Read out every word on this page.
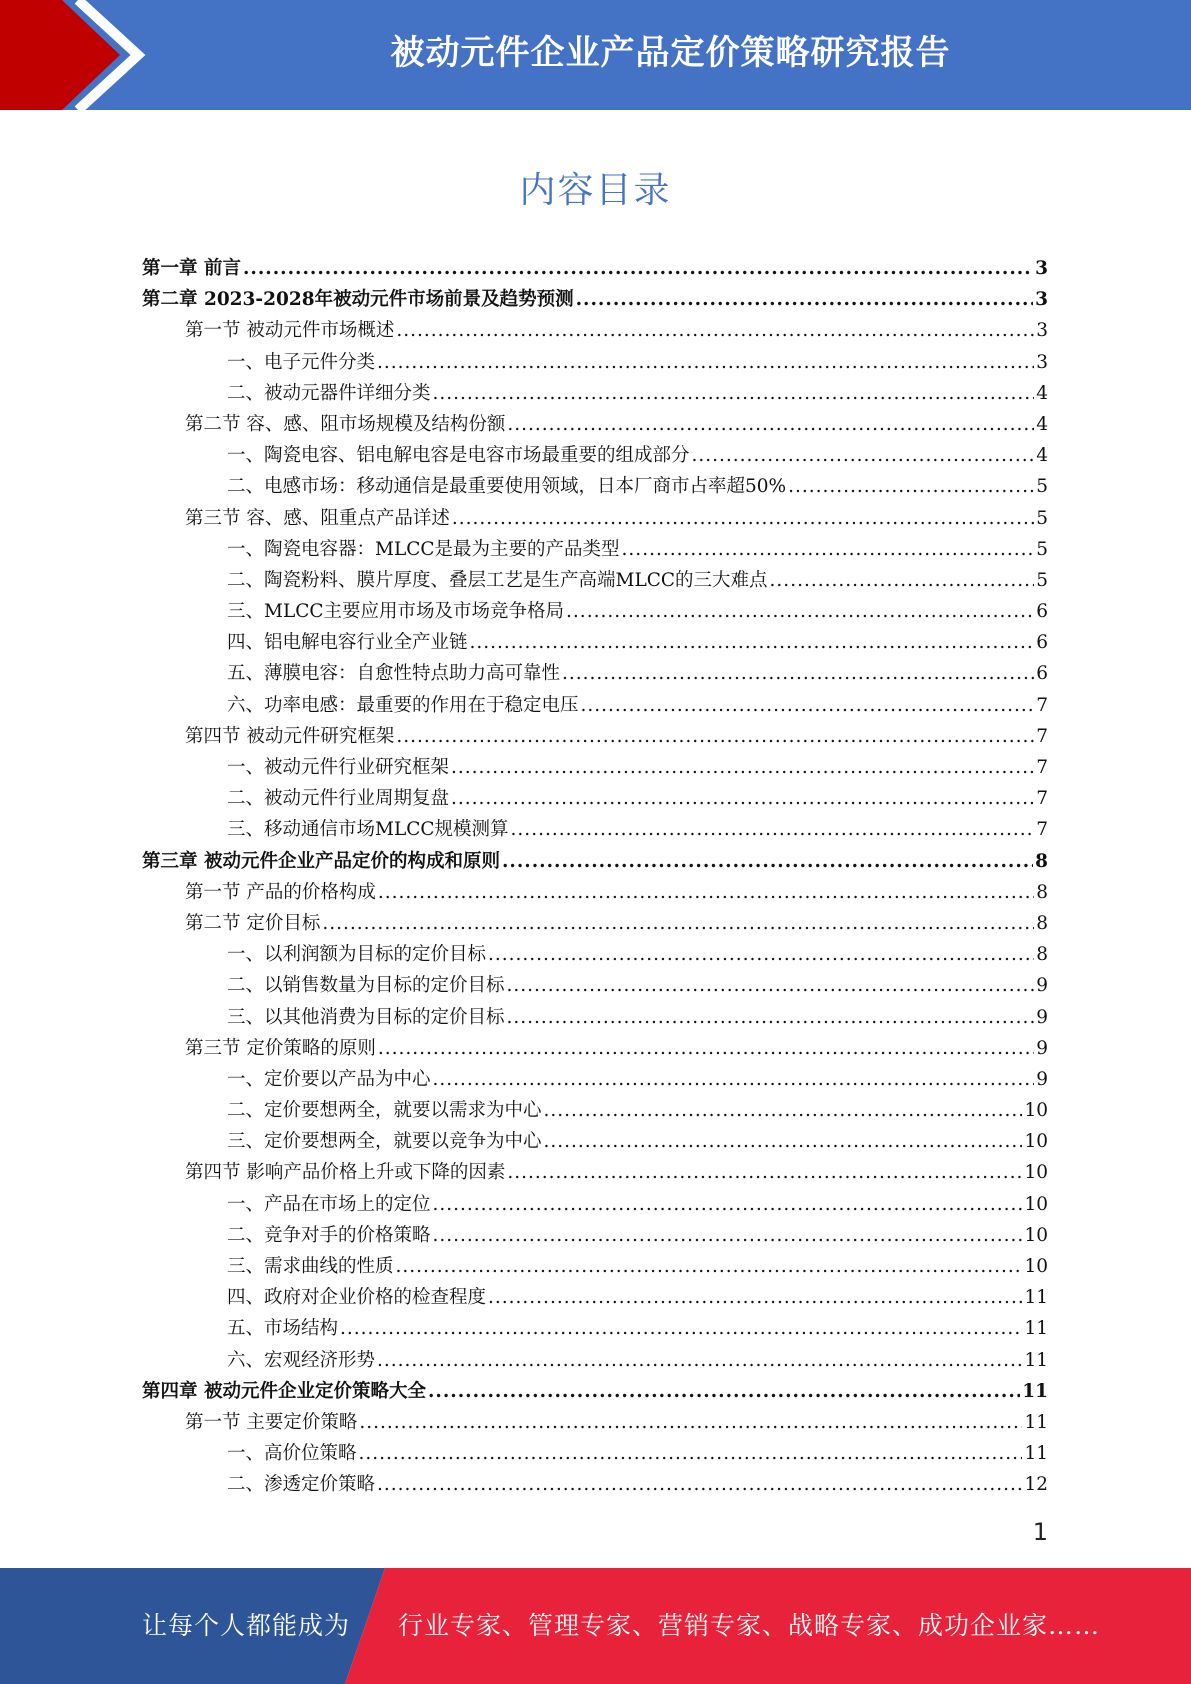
被动元件企业产品定价策略研究报告
内容目录
第一章 前言 .....	3
第二章 2023-2028年被动元件市场前景及趋势预测 .....	3
第一节 被动元件市场概述 .....	3
一、电子元件分类 .....	3
二、被动元器件详细分类 .....	4
第二节 容、感、阻市场规模及结构份额 .....	4
一、陶瓷电容、铝电解电容是电容市场最重要的组成部分 .....	4
二、电感市场：移动通信是最重要使用领域，日本厂商市占率超50% .....	5
第三节 容、感、阻重点产品详述 .....	5
一、陶瓷电容器：MLCC是最为主要的产品类型 .....	5
二、陶瓷粉料、膜片厚度、叠层工艺是生产高端MLCC的三大难点 .....	5
三、MLCC主要应用市场及市场竞争格局 .....	6
四、铝电解电容行业全产业链 .....	6
五、薄膜电容：自愈性特点助力高可靠性 .....	6
六、功率电感：最重要的作用在于稳定电压 .....	7
第四节 被动元件研究框架 .....	7
一、被动元件行业研究框架 .....	7
二、被动元件行业周期复盘 .....	7
三、移动通信市场MLCC规模测算 .....	7
第三章 被动元件企业产品定价的构成和原则 .....	8
第一节 产品的价格构成 .....	8
第二节 定价目标 .....	8
一、以利润额为目标的定价目标 .....	8
二、以销售数量为目标的定价目标 .....	9
三、以其他消费为目标的定价目标 .....	9
第三节 定价策略的原则 .....	9
一、定价要以产品为中心 .....	9
二、定价要想两全，就要以需求为中心 .....	10
三、定价要想两全，就要以竞争为中心 .....	10
第四节 影响产品价格上升或下降的因素 .....	10
一、产品在市场上的定位 .....	10
二、竞争对手的价格策略 .....	10
三、需求曲线的性质 .....	10
四、政府对企业价格的检查程度 .....	11
五、市场结构 .....	11
六、宏观经济形势 .....	11
第四章 被动元件企业定价策略大全 .....	11
第一节 主要定价策略 .....	11
一、高价位策略 .....	11
二、渗透定价策略 .....	12
1
让每个人都能成为 行业专家、管理专家、营销专家、战略专家、成功企业家……
